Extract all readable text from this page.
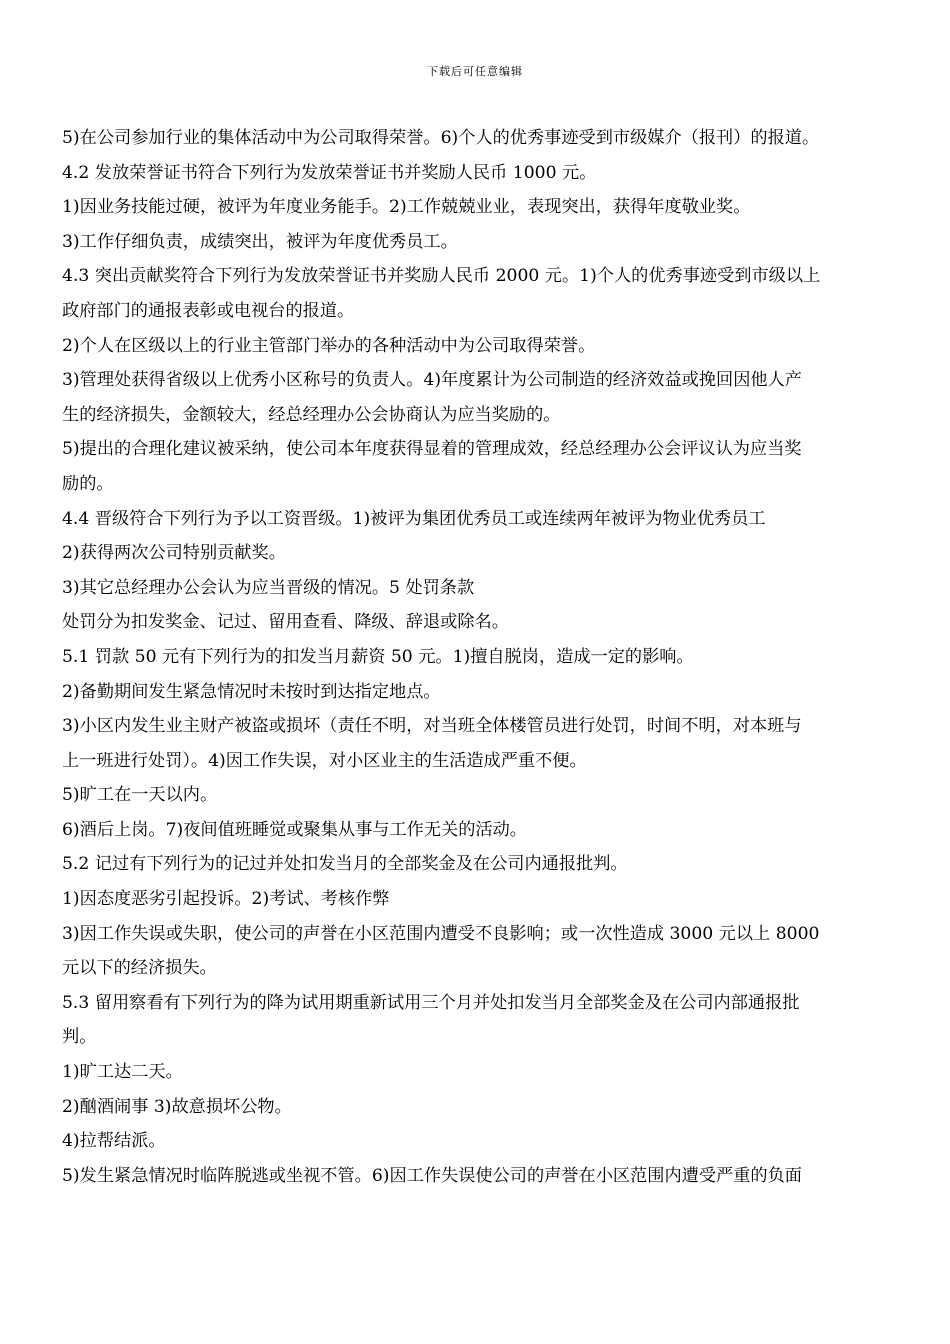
下载后可任意编辑
5)在公司参加行业的集体活动中为公司取得荣誉。6)个人的优秀事迹受到市级媒介（报刊）的报道。
4.2 发放荣誉证书符合下列行为发放荣誉证书并奖励人民币 1000 元。
1)因业务技能过硬，被评为年度业务能手。2)工作兢兢业业，表现突出，获得年度敬业奖。
3)工作仔细负责，成绩突出，被评为年度优秀员工。
4.3 突出贡献奖符合下列行为发放荣誉证书并奖励人民币 2000 元。1)个人的优秀事迹受到市级以上
政府部门的通报表彰或电视台的报道。
2)个人在区级以上的行业主管部门举办的各种活动中为公司取得荣誉。
3)管理处获得省级以上优秀小区称号的负责人。4)年度累计为公司制造的经济效益或挽回因他人产
生的经济损失，金额较大，经总经理办公会协商认为应当奖励的。
5)提出的合理化建议被采纳，使公司本年度获得显着的管理成效，经总经理办公会评议认为应当奖
励的。
4.4 晋级符合下列行为予以工资晋级。1)被评为集团优秀员工或连续两年被评为物业优秀员工
2)获得两次公司特别贡献奖。
3)其它总经理办公会认为应当晋级的情况。5 处罚条款
处罚分为扣发奖金、记过、留用查看、降级、辞退或除名。
5.1 罚款 50 元有下列行为的扣发当月薪资 50 元。1)擅自脱岗，造成一定的影响。
2)备勤期间发生紧急情况时未按时到达指定地点。
3)小区内发生业主财产被盗或损坏（责任不明，对当班全体楼管员进行处罚，时间不明，对本班与
上一班进行处罚）。4)因工作失误，对小区业主的生活造成严重不便。
5)旷工在一天以内。
6)酒后上岗。7)夜间值班睡觉或聚集从事与工作无关的活动。
5.2 记过有下列行为的记过并处扣发当月的全部奖金及在公司内通报批判。
1)因态度恶劣引起投诉。2)考试、考核作弊
3)因工作失误或失职，使公司的声誉在小区范围内遭受不良影响；或一次性造成 3000 元以上 8000
元以下的经济损失。
5.3 留用察看有下列行为的降为试用期重新试用三个月并处扣发当月全部奖金及在公司内部通报批
判。
1)旷工达二天。
2)酗酒闹事 3)故意损坏公物。
4)拉帮结派。
5)发生紧急情况时临阵脱逃或坐视不管。6)因工作失误使公司的声誉在小区范围内遭受严重的负面
